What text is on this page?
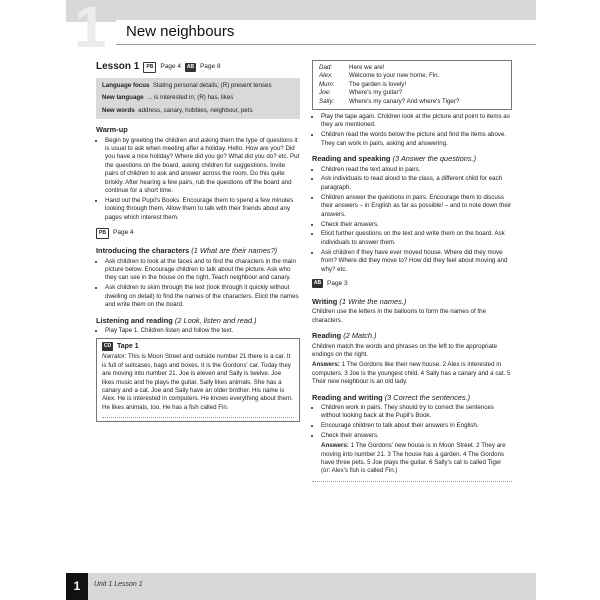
1 New neighbours
Lesson 1	PB	Page 4	AB Page 8
Language focus Stating personal details; (R) present tenses
New language ... is interested in; (R) has, likes
New words address, canary, hobbies, neighbour, pets
Warm-up
• Begin by greeting the children and asking them the type of questions it is usual to ask when meeting after a holiday. Hello. How are you? Did you have a nice holiday? Where did you go? What did you do? etc. Put the questions on the board, asking children for suggestions. Invite pairs of children to ask and answer across the room. Do this quite briskly. After hearing a few pairs, rub the questions off the board and continue for a short time.
• Hand out the Pupil's Books. Encourage them to spend a few minutes looking through them. Allow them to talk with their friends about any pages which interest them.
PB	Page 4
Introducing the characters (1 What are their names?)
• Ask children to look at the faces and to find the characters in the main picture below. Encourage children to talk about the picture. Ask who they can see in the house on the right. Teach neighbour and canary.
• Ask children to skim through the text (look through it quickly without dwelling on detail) to find the names of the characters. Elicit the names and write them on the board.
Listening and reading (2 Look, listen and read.)
• Play Tape 1. Children listen and follow the text.
CD Tape 1

Narrator: This is Moon Street and outside number 21 there is a car. It is full of suitcases, bags and boxes. It is the Gordons' car. Today they are moving into number 21. Joe is eleven and Sally is twelve. Joe likes music and he plays the guitar. Sally likes animals. She has a canary and a cat. Joe and Sally have an older brother. His name is Alex. He is interested in computers. He knows everything about them. He likes animals, too. He has a fish called Fin.

Dad:	Here we are!
Alex:	Welcome to your new home, Fin.
Mum:	The garden is lovely!
Joe:	Where's my guitar?
Sally:	Where's my canary? And where's Tiger?
• Play the tape again. Children look at the picture and point to items as they are mentioned.
• Children read the words below the picture and find the items above. They can work in pairs, asking and answering.
Reading and speaking (3 Answer the questions.)
• Children read the text aloud in pairs.
• Ask individuals to read aloud to the class, a different child for each paragraph.
• Children answer the questions in pairs. Encourage them to discuss their answers – in English as far as possible! – and to note down their answers.
• Check their answers.
• Elicit further questions on the text and write them on the board. Ask individuals to answer them.
• Ask children if they have ever moved house. Where did they move from? Where did they move to? How did they feel about moving and why? etc.
AB Page 3
Writing (1 Write the names.)

Children use the letters in the balloons to form the names of the characters.

Reading (2 Match.)

Children match the words and phrases on the left to the appropriate endings on the right.

Answers: 1 The Gordons like their new house. 2 Alex is interested in computers. 3 Joe is the youngest child. 4 Sally has a canary and a cat. 5 Their new neighbour is an old lady.

Reading and writing (3 Correct the sentences.)
• Children work in pairs. They should try to correct the sentences without looking back at the Pupil's Book.
• Encourage children to talk about their answers in English.
• Check their answers.

Answers: 1 The Gordons' new house is in Moon Street. 2 They are moving into number 21. 3 The house has a garden. 4 The Gordons have three pets. 5 Joe plays the guitar. 6 Sally's cat is called Tiger (or: Alex's fish is called Fin.)

1	Unit 1 Lesson 1
